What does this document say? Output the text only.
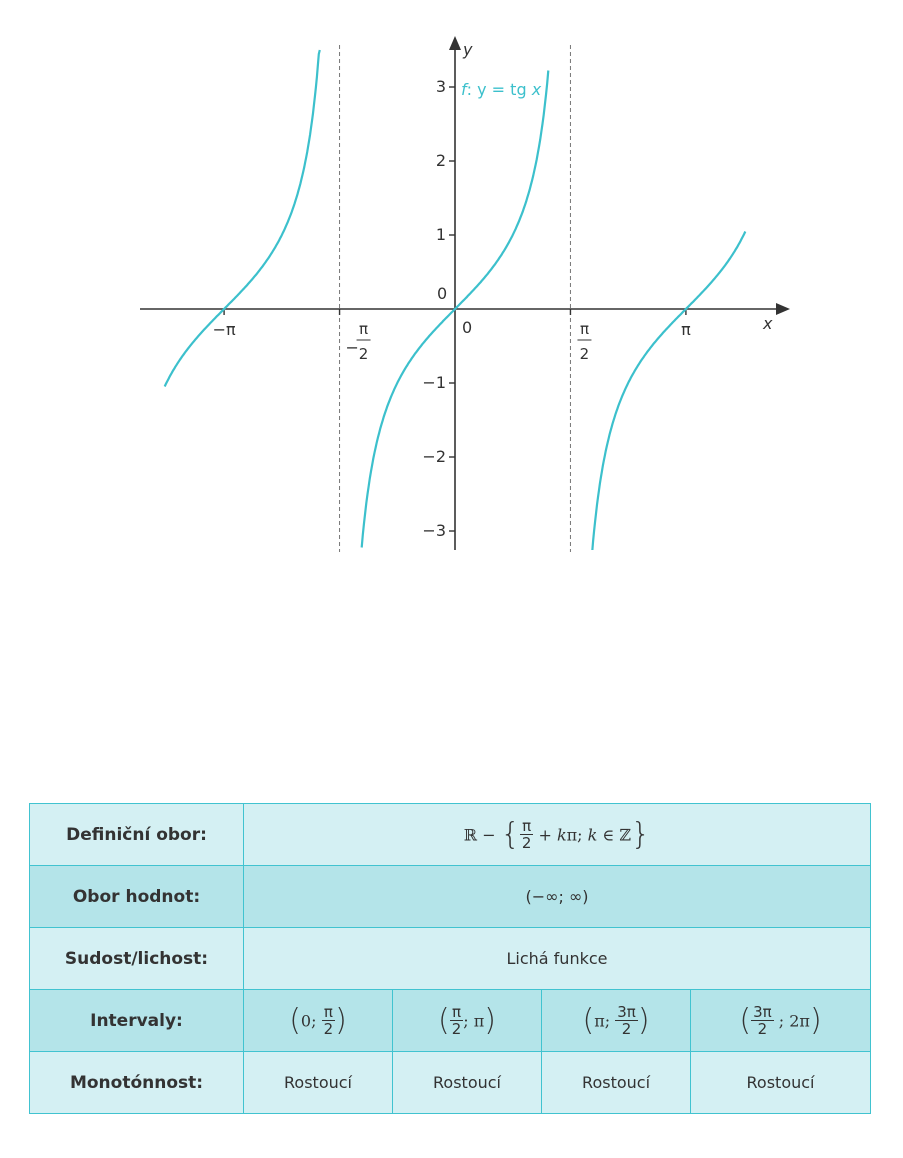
−3
−2
−1
0
1
2
3
−π
−
π
2
0	π
2
π
f: y = tg x
y
x
Definiční obor:	ℝ − { $\frac{\pi}{2} + k\pi$; k ∈ ℤ}			
Obor hodnot:	(−∞; ∞)			
Sudost/lichost:	Lichá funkce			
Intervaly:	(0; $\frac{\pi}{2}$ )	( $\frac{\pi}{2}$ ; π)	(π; $\frac{3\pi}{2}$ )	( $\frac{3\pi}{2}$ ; 2π)
Monotónnost:	Rostoucí	Rostoucí	Rostoucí	Rostoucí
